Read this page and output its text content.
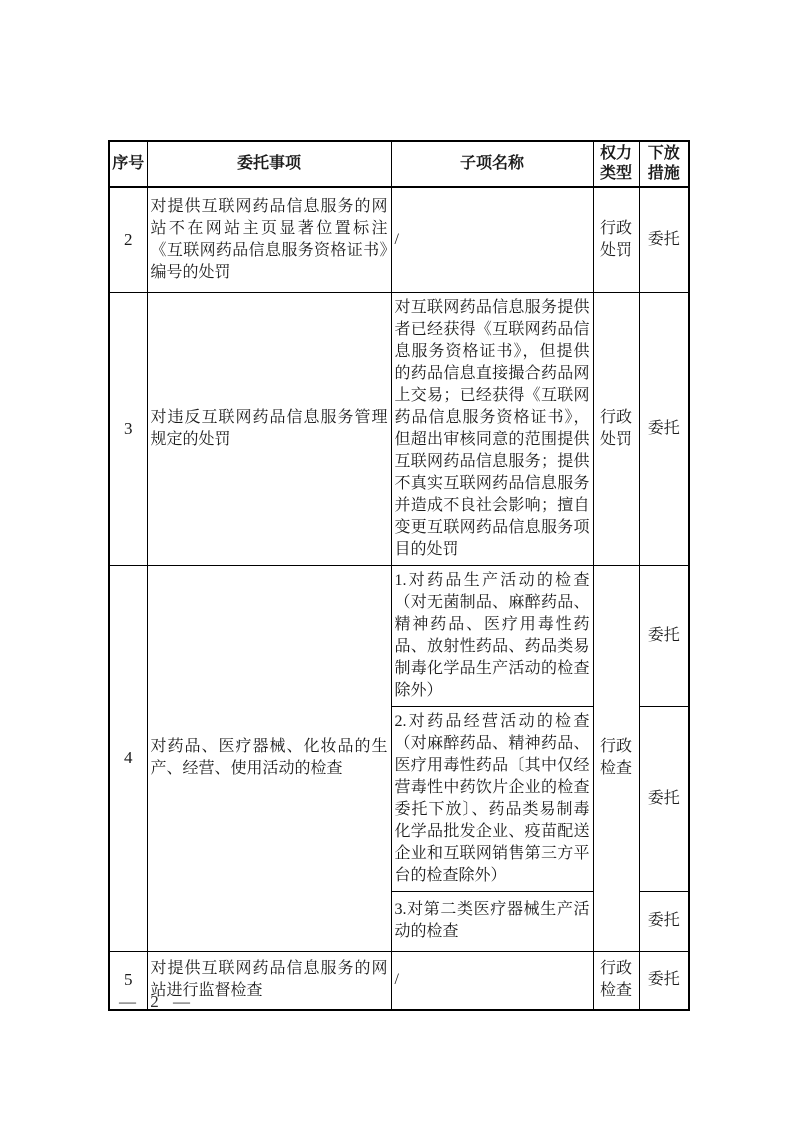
序号	委托事项	子项名称	权力类型	下放措施
2	对提供互联网药品信息服务的网站不在网站主页显著位置标注《互联网药品信息服务资格证书》编号的处罚	/	行政处罚	委托
3	对违反互联网药品信息服务管理规定的处罚	对互联网药品信息服务提供者已经获得《互联网药品信息服务资格证书》，但提供的药品信息直接撮合药品网上交易；已经获得《互联网药品信息服务资格证书》，但超出审核同意的范围提供互联网药品信息服务；提供不真实互联网药品信息服务并造成不良社会影响；擅自变更互联网药品信息服务项目的处罚	行政处罚	委托
4	对药品、医疗器械、化妆品的生产、经营、使用活动的检查	1.对药品生产活动的检查（对无菌制品、麻醉药品、精神药品、医疗用毒性药品、放射性药品、药品类易制毒化学品生产活动的检查除外）	行政检查	委托
		2.对药品经营活动的检查（对麻醉药品、精神药品、医疗用毒性药品〔其中仅经营毒性中药饮片企业的检查委托下放〕、药品类易制毒化学品批发企业、疫苗配送企业和互联网销售第三方平台的检查除外）		委托
		3.对第二类医疗器械生产活动的检查		委托
5	对提供互联网药品信息服务的网站进行监督检查	/	行政检查	委托
— 2 —
